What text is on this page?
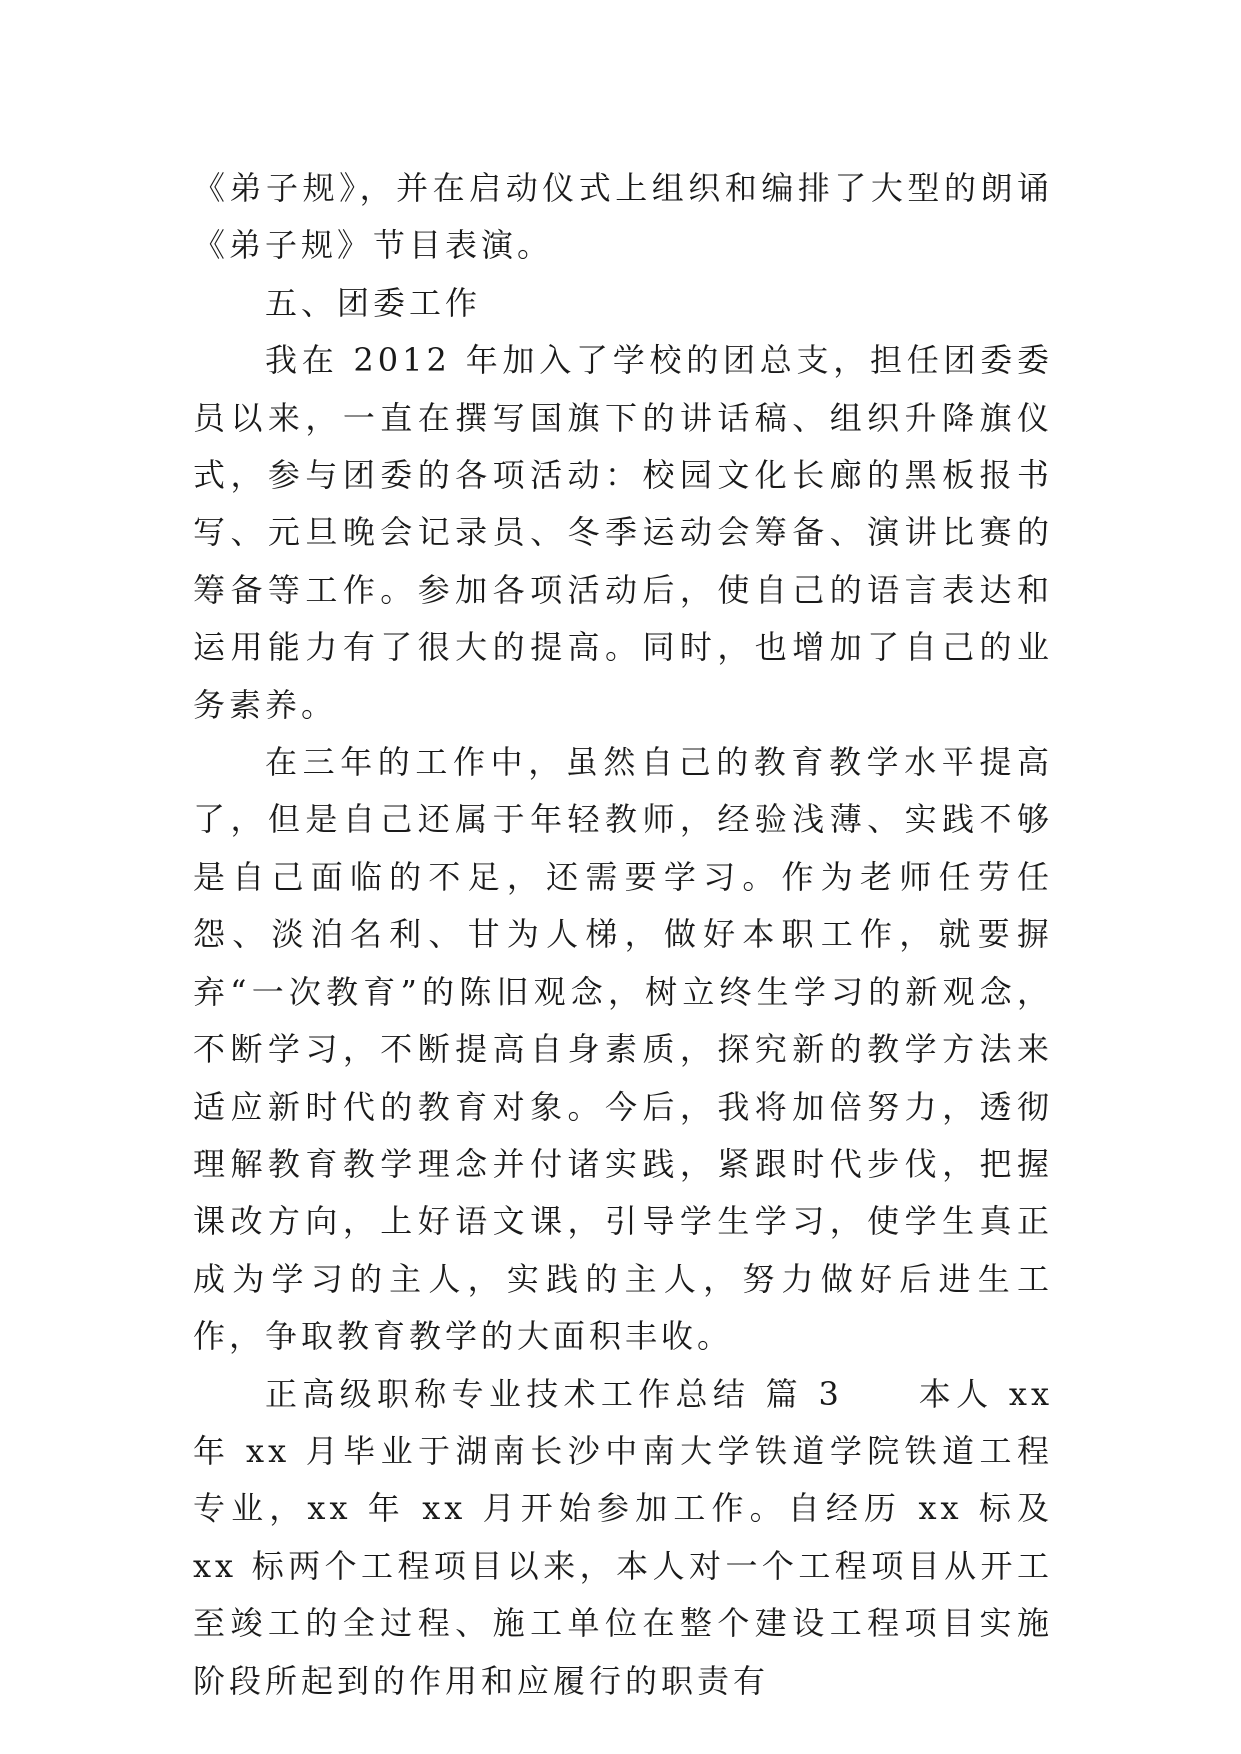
《弟子规》，并在启动仪式上组织和编排了大型的朗诵《弟子规》节目表演。

五、团委工作

我在 2012 年加入了学校的团总支，担任团委委员以来，一直在撰写国旗下的讲话稿、组织升降旗仪式，参与团委的各项活动：校园文化长廊的黑板报书写、元旦晚会记录员、冬季运动会筹备、演讲比赛的筹备等工作。参加各项活动后，使自己的语言表达和运用能力有了很大的提高。同时，也增加了自己的业务素养。

在三年的工作中，虽然自己的教育教学水平提高了，但是自己还属于年轻教师，经验浅薄、实践不够是自己面临的不足，还需要学习。作为老师任劳任怨、淡泊名利、甘为人梯，做好本职工作，就要摒弃“一次教育”的陈旧观念，树立终生学习的新观念，不断学习，不断提高自身素质，探究新的教学方法来适应新时代的教育对象。今后，我将加倍努力，透彻理解教育教学理念并付诸实践，紧跟时代步伐，把握课改方向，上好语文课，引导学生学习，使学生真正成为学习的主人，实践的主人，努力做好后进生工作，争取教育教学的大面积丰收。

正高级职称专业技术工作总结 篇 3　　本人 xx 年 xx 月毕业于湖南长沙中南大学铁道学院铁道工程专业，xx 年 xx 月开始参加工作。自经历 xx 标及 xx 标两个工程项目以来，本人对一个工程项目从开工至竣工的全过程、施工单位在整个建设工程项目实施阶段所起到的作用和应履行的职责有
